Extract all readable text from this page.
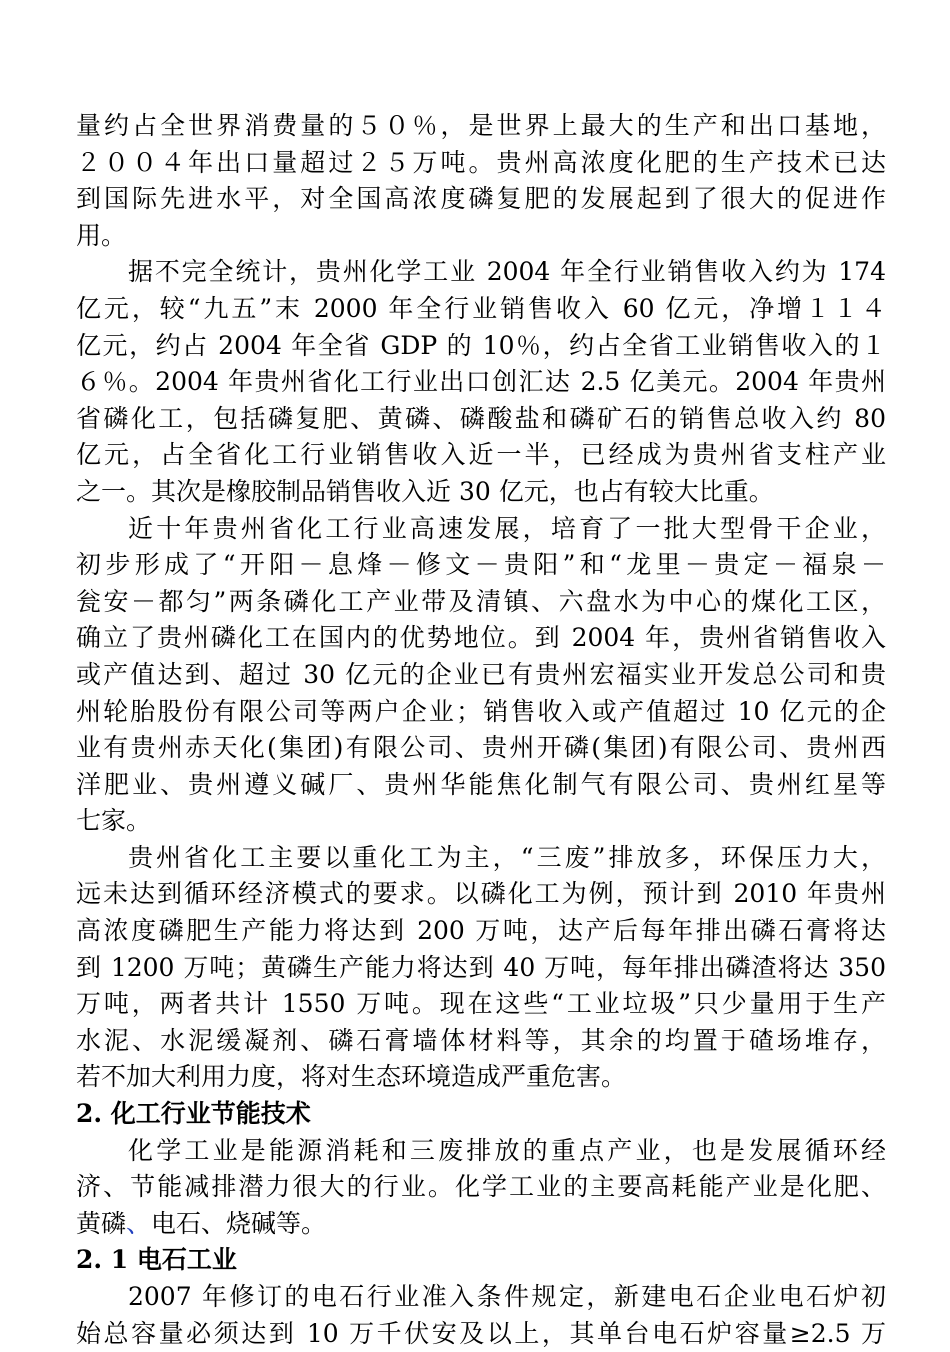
量约占全世界消费量的５０％，是世界上最大的生产和出口基地，
２００４年出口量超过２５万吨。贵州高浓度化肥的生产技术已达
到国际先进水平，对全国高浓度磷复肥的发展起到了很大的促进作
用。
据不完全统计，贵州化学工业 2004 年全行业销售收入约为 174
亿元，较“九五”末 2000 年全行业销售收入 60 亿元，净增１１４
亿元，约占 2004 年全省 GDP 的 10％，约占全省工业销售收入的１
６％。2004 年贵州省化工行业出口创汇达 2.5 亿美元。2004 年贵州
省磷化工，包括磷复肥、黄磷、磷酸盐和磷矿石的销售总收入约 80
亿元，占全省化工行业销售收入近一半，已经成为贵州省支柱产业
之一。其次是橡胶制品销售收入近 30 亿元，也占有较大比重。
近十年贵州省化工行业高速发展，培育了一批大型骨干企业，
初步形成了“开阳－息烽－修文－贵阳”和“龙里－贵定－福泉－
瓮安－都匀”两条磷化工产业带及清镇、六盘水为中心的煤化工区，
确立了贵州磷化工在国内的优势地位。到 2004 年，贵州省销售收入
或产值达到、超过 30 亿元的企业已有贵州宏福实业开发总公司和贵
州轮胎股份有限公司等两户企业；销售收入或产值超过 10 亿元的企
业有贵州赤天化(集团)有限公司、贵州开磷(集团)有限公司、贵州西
洋肥业、贵州遵义碱厂、贵州华能焦化制气有限公司、贵州红星等
七家。
贵州省化工主要以重化工为主，“三废”排放多，环保压力大，
远未达到循环经济模式的要求。以磷化工为例，预计到 2010 年贵州
高浓度磷肥生产能力将达到 200 万吨，达产后每年排出磷石膏将达
到 1200 万吨；黄磷生产能力将达到 40 万吨，每年排出磷渣将达 350
万吨，两者共计 1550 万吨。现在这些“工业垃圾”只少量用于生产
水泥、水泥缓凝剂、磷石膏墙体材料等，其余的均置于碴场堆存，
若不加大利用力度，将对生态环境造成严重危害。
2. 化工行业节能技术
化学工业是能源消耗和三废排放的重点产业，也是发展循环经
济、节能减排潜力很大的行业。化学工业的主要高耗能产业是化肥、
黄磷、电石、烧碱等。
2. 1 电石工业
2007 年修订的电石行业准入条件规定，新建电石企业电石炉初
始总容量必须达到 10 万千伏安及以上，其单台电石炉容量≥2.5 万
